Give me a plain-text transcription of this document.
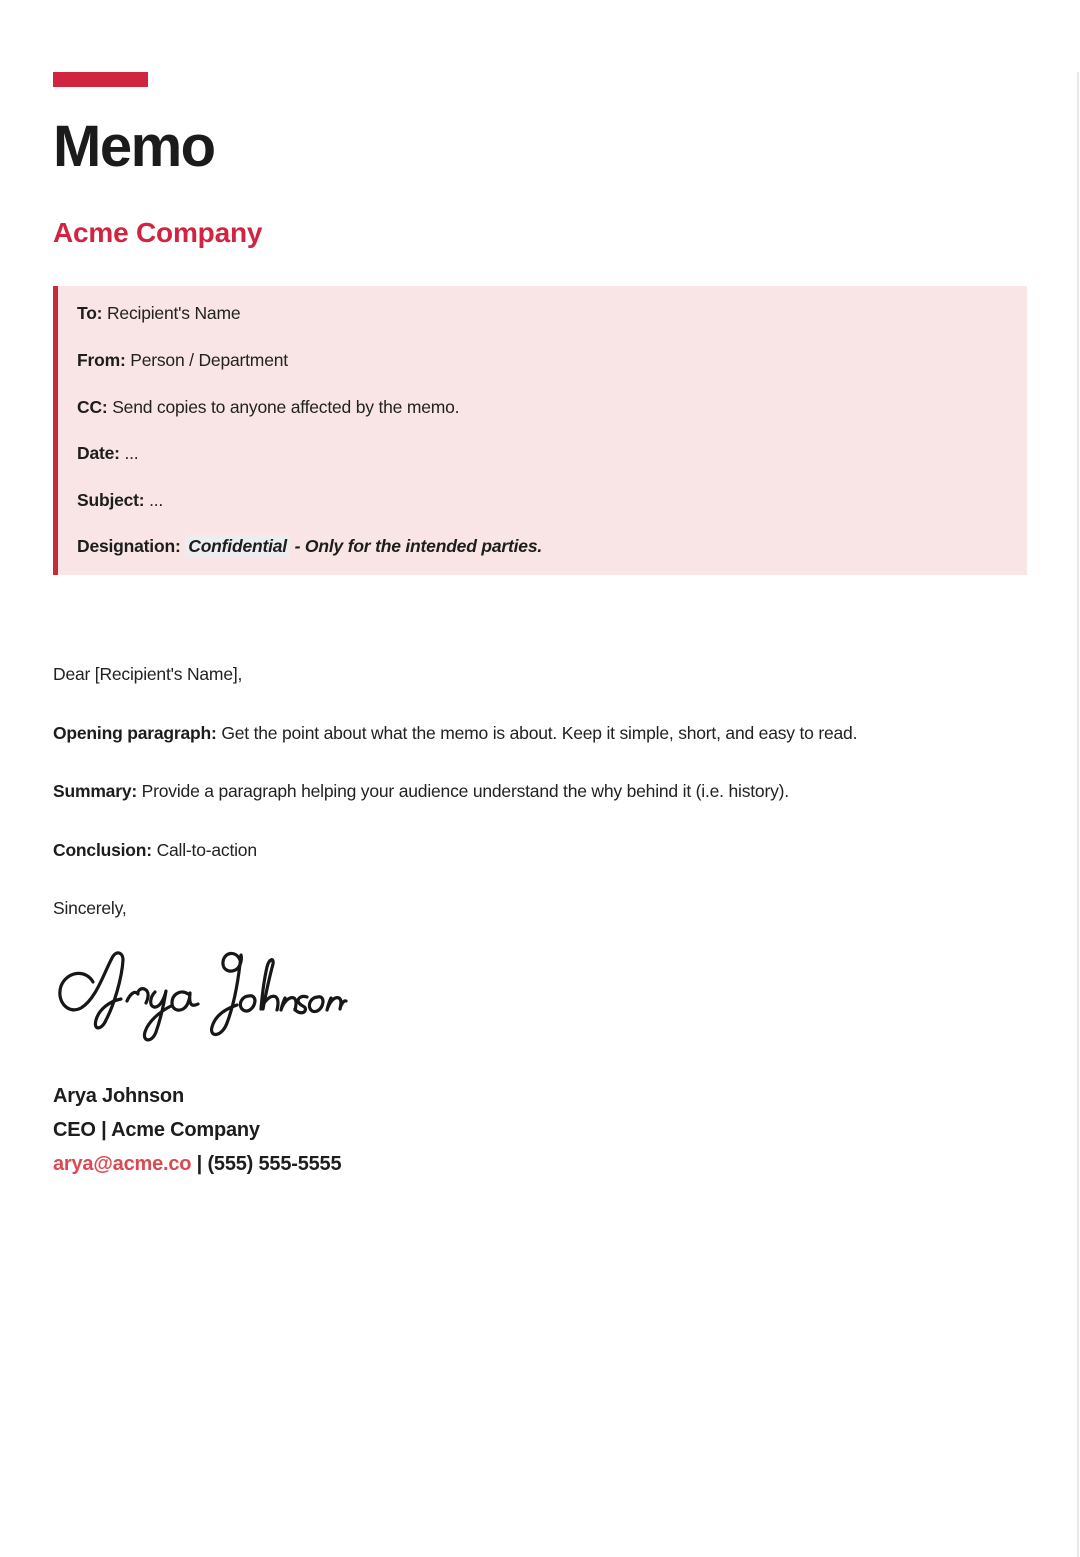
Memo
Acme Company

To: Recipient's Name

From: Person / Department

CC: Send copies to anyone affected by the memo.

Date: ...

Subject: ...

Designation: Confidential - Only for the intended parties.

Dear [Recipient's Name],

Opening paragraph: Get the point about what the memo is about. Keep it simple, short, and easy to read.

Summary: Provide a paragraph helping your audience understand the why behind it (i.e. history).

Conclusion: Call-to-action

Sincerely,

Arya Johnson

CEO | Acme Company

arya@acme.co | (555) 555-5555
